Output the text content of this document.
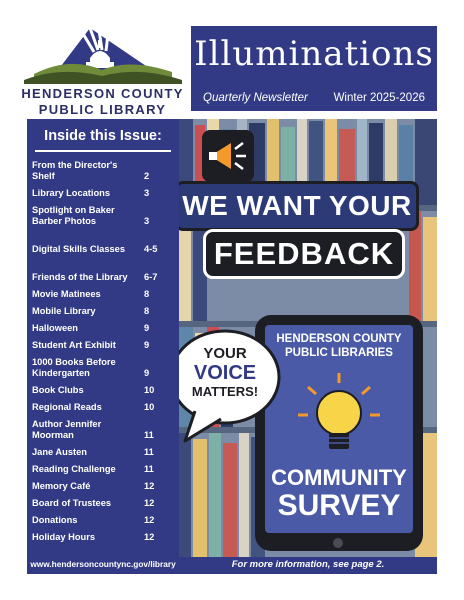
HENDERSON COUNTY
PUBLIC LIBRARY
Illuminations
Quarterly Newsletter Winter 2025-2026
Inside this Issue:
From the Director's Shelf	2
Library Locations	3
Spotlight on Baker Barber Photos	3
Digital Skills Classes	4-5
Friends of the Library 6-7
Movie Matinees	8
Mobile Library	8
Halloween	9
Student Art Exhibit	9
1000 Books Before Kindergarten	9
Book Clubs	10
Regional Reads	10
Author Jennifer Moorman	11
Jane Austen	11
Reading Challenge	11
Memory Café	12
Board of Trustees	12
Donations	12
Holiday Hours	12
www.hendersoncountync.gov/library
WE WANT YOUR
FEEDBACK
HENDERSON COUNTY
PUBLIC LIBRARIES
COMMUNITY
SURVEY
YOUR
VOICE
MATTERS!
For more information, see page 2.
